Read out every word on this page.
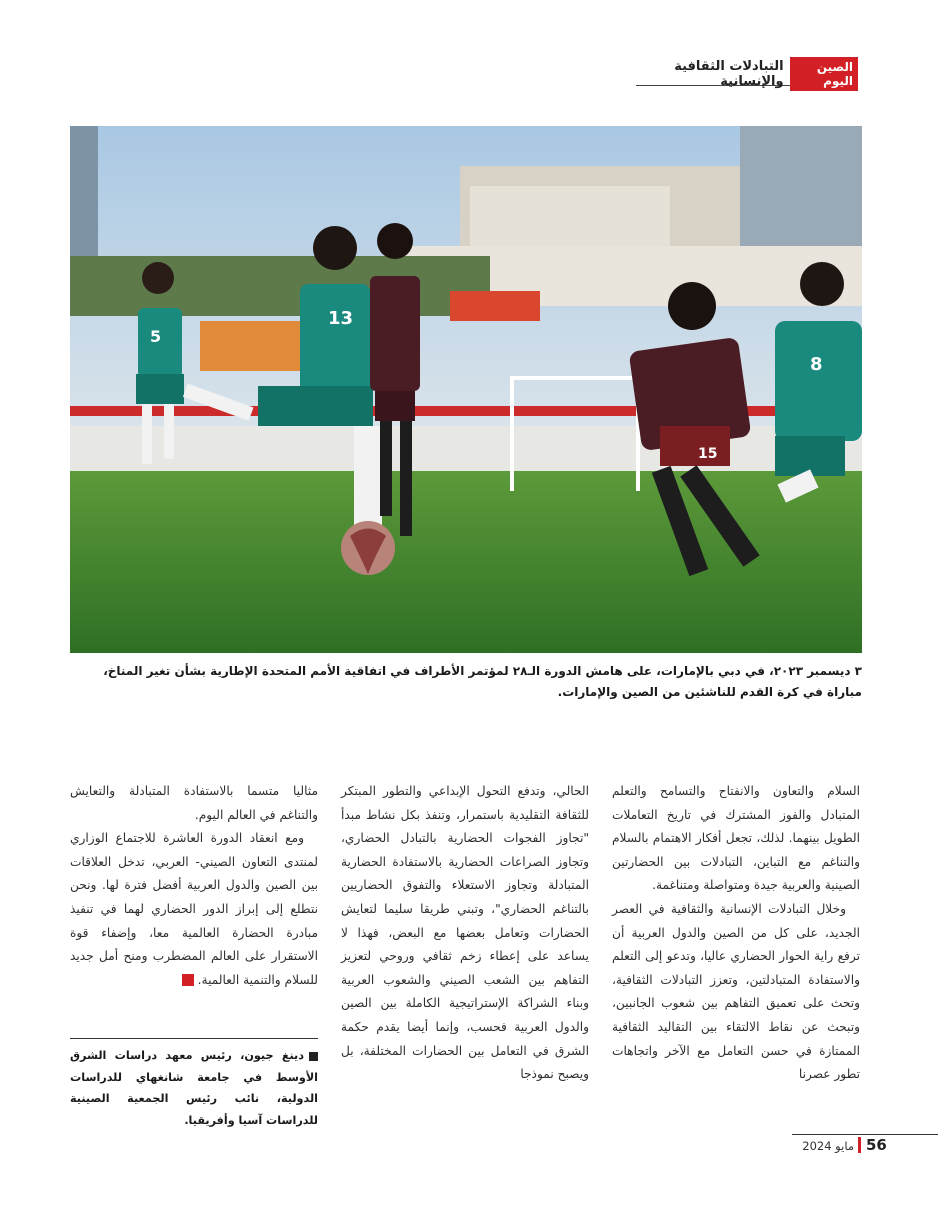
الصين اليوم
التبادلات الثقافية والإنسانية
5
13
15
8
٣ ديسمبر ٢٠٢٣، في دبي بالإمارات، على هامش الدورة الـ٢٨ لمؤتمر الأطراف في اتفاقية الأمم المتحدة الإطارية بشأن تغير المناخ، مباراة في كرة القدم للناشئين من الصين والإمارات.

السلام والتعاون والانفتاح والتسامح والتعلم المتبادل والفوز المشترك في تاريخ التعاملات الطويل بينهما. لذلك، تجعل أفكار الاهتمام بالسلام والتناغم مع التباين، التبادلات بين الحضارتين الصينية والعربية جيدة ومتواصلة ومتناغمة.

وخلال التبادلات الإنسانية والثقافية في العصر الجديد، على كل من الصين والدول العربية أن ترفع راية الحوار الحضاري عاليا، وتدعو إلى التعلم والاستفادة المتبادلتين، وتعزز التبادلات الثقافية، وتحث على تعميق التفاهم بين شعوب الجانبين، وتبحث عن نقاط الالتقاء بين التقاليد الثقافية الممتازة في حسن التعامل مع الآخر واتجاهات تطور عصرنا

الحالي، وتدفع التحول الإبداعي والتطور المبتكر للثقافة التقليدية باستمرار، وتنفذ بكل نشاط مبدأ "تجاوز الفجوات الحضارية بالتبادل الحضاري، وتجاوز الصراعات الحضارية بالاستفادة الحضارية المتبادلة وتجاوز الاستعلاء والتفوق الحضاريين بالتناغم الحضاري"، وتبني طريقا سليما لتعايش الحضارات وتعامل بعضها مع البعض، فهذا لا يساعد على إعطاء زخم ثقافي وروحي لتعزيز التفاهم بين الشعب الصيني والشعوب العربية وبناء الشراكة الإستراتيجية الكاملة بين الصين والدول العربية فحسب، وإنما أيضا يقدم حكمة الشرق في التعامل بين الحضارات المختلفة، بل ويصبح نموذجا

مثاليا متسما بالاستفادة المتبادلة والتعايش والتناغم في العالم اليوم.

ومع انعقاد الدورة العاشرة للاجتماع الوزاري لمنتدى التعاون الصيني- العربي، تدخل العلاقات بين الصين والدول العربية أفضل فترة لها. ونحن نتطلع إلى إبراز الدور الحضاري لهما في تنفيذ مبادرة الحضارة العالمية معا، وإضفاء قوة الاستقرار على العالم المضطرب ومنح أمل جديد للسلام والتنمية العالمية.

دينغ جيون، رئيس معهد دراسات الشرق الأوسط في جامعة شانغهاي للدراسات الدولية، نائب رئيس الجمعية الصينية للدراسات آسيا وأفريقيا.
56
مايو 2024
